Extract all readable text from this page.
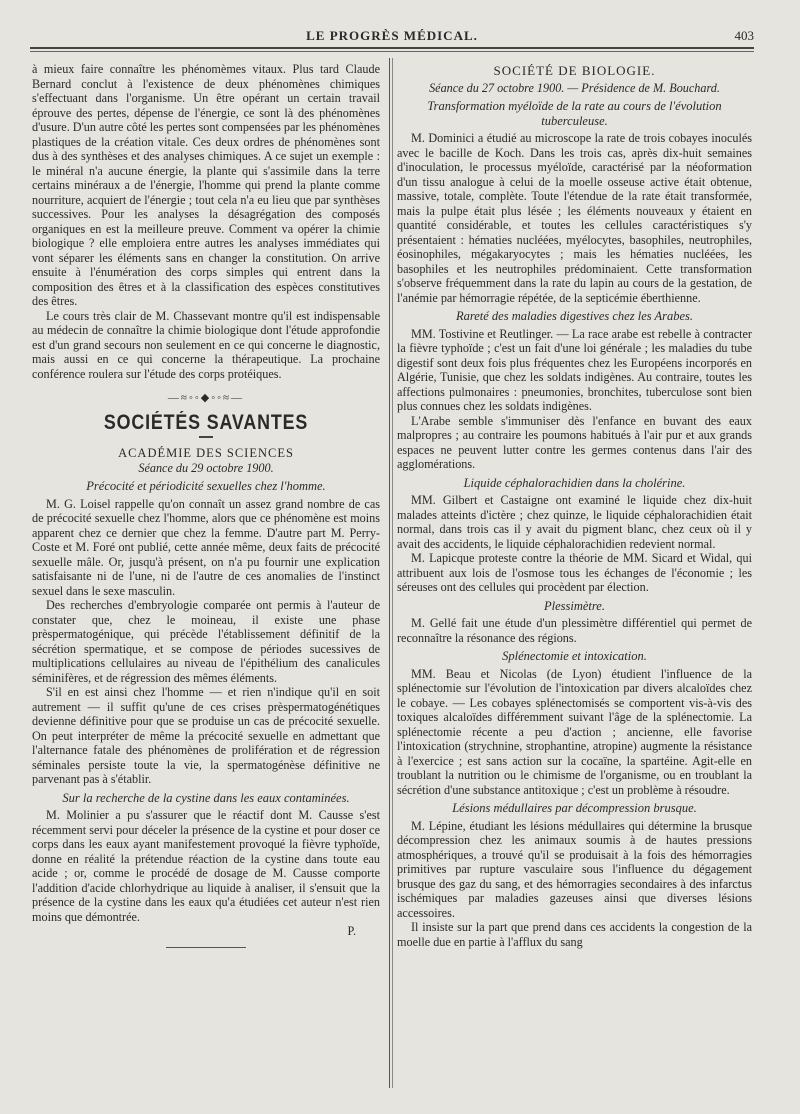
LE PROGRÈS MÉDICAL.	403

à mieux faire connaître les phénomèmes vitaux. Plus tard Claude Bernard conclut à l'existence de deux phénomènes chimiques s'effectuant dans l'organisme. Un être opérant un certain travail éprouve des pertes, dépense de l'énergie, ce sont là des phénomènes d'usure. D'un autre côté les pertes sont compensées par les phénomènes plastiques de la création vitale. Ces deux ordres de phénomènes sont dus à des synthèses et des analyses chimiques. A ce sujet un exemple : le minéral n'a aucune énergie, la plante qui s'assimile dans la terre certains minéraux a de l'énergie, l'homme qui prend la plante comme nourriture, acquiert de l'énergie ; tout cela n'a eu lieu que par synthèses successives. Pour les analyses la désagrégation des composés organiques en est la meilleure preuve. Comment va opérer la chimie biologique ? elle emploiera entre autres les analyses immédiates qui vont séparer les éléments sans en changer la constitution. On arrive ensuite à l'énumération des corps simples qui entrent dans la composition des êtres et à la classification des espèces constitutives des êtres.

Le cours très clair de M. Chassevant montre qu'il est indispensable au médecin de connaître la chimie biologique dont l'étude approfondie est d'un grand secours non seulement en ce qui concerne le diagnostic, mais aussi en ce qui concerne la thérapeutique. La prochaine conférence roulera sur l'étude des corps protéiques.

—≈◦◦◆◦◦≈—
SOCIÉTÉS SAVANTES
ACADÉMIE DES SCIENCES
Séance du 29 octobre 1900.
Précocité et périodicité sexuelles chez l'homme.

M. G. Loisel rappelle qu'on connaît un assez grand nombre de cas de précocité sexuelle chez l'homme, alors que ce phénomène est moins apparent chez ce dernier que chez la femme. D'autre part M. Perry-Coste et M. Foré ont publié, cette année même, deux faits de précocité sexuelle mâle. Or, jusqu'à présent, on n'a pu fournir une explication satisfaisante ni de l'une, ni de l'autre de ces anomalies de l'instinct sexuel dans le sexe masculin.

Des recherches d'embryologie comparée ont permis à l'auteur de constater que, chez le moineau, il existe une phase prèspermatogénique, qui précède l'établissement définitif de la sécrétion spermatique, et se compose de périodes sucessives de multiplications cellulaires au niveau de l'épithélium des canalicules séminifères, et de régression des mêmes éléments.

S'il en est ainsi chez l'homme — et rien n'indique qu'il en soit autrement — il suffit qu'une de ces crises prèspermatogénétiques devienne définitive pour que se produise un cas de précocité sexuelle. On peut interpréter de même la précocité sexuelle en admettant que l'alternance fatale des phénomènes de prolifération et de régression séminales persiste toute la vie, la spermatogénèse définitive ne parvenant pas à s'établir.

Sur la recherche de la cystine dans les eaux contaminées.

M. Molinier a pu s'assurer que le réactif dont M. Causse s'est récemment servi pour déceler la présence de la cystine et pour doser ce corps dans les eaux ayant manifestement provoqué la fièvre typhoïde, donne en réalité la prétendue réaction de la cystine dans toute eau acide ; or, comme le procédé de dosage de M. Causse comporte l'addition d'acide chlorhydrique au liquide à analiser, il s'ensuit que la présence de la cystine dans les eaux qu'a étudiées cet auteur n'est rien moins que démontrée.

P.
SOCIÉTÉ DE BIOLOGIE.
Séance du 27 octobre 1900. — Présidence de M. Bouchard.
Transformation myéloïde de la rate au cours de l'évolution tuberculeuse.

M. Dominici a étudié au microscope la rate de trois cobayes inoculés avec le bacille de Koch. Dans les trois cas, après dix-huit semaines d'inoculation, le processus myéloïde, caractérisé par la néoformation d'un tissu analogue à celui de la moelle osseuse active était obtenue, massive, totale, complète. Toute l'étendue de la rate était transformée, mais la pulpe était plus lésée ; les éléments nouveaux y étaient en quantité considérable, et toutes les cellules caractéristiques s'y présentaient : hématies nucléées, myélocytes, basophiles, neutrophiles, éosinophiles, mégakaryocytes ; mais les hématies nucléées, les basophiles et les neutrophiles prédominaient. Cette transformation s'observe fréquemment dans la rate du lapin au cours de la gestation, de l'anémie par hémorragie répétée, de la septicémie éberthienne.

Rareté des maladies digestives chez les Arabes.

MM. Tostivine et Reutlinger. — La race arabe est rebelle à contracter la fièvre typhoïde ; c'est un fait d'une loi générale ; les maladies du tube digestif sont deux fois plus fréquentes chez les Européens incorporés en Algérie, Tunisie, que chez les soldats indigènes. Au contraire, toutes les affections pulmonaires : pneumonies, bronchites, tuberculose sont bien plus connues chez les soldats indigènes.

L'Arabe semble s'immuniser dès l'enfance en buvant des eaux malpropres ; au contraire les poumons habitués à l'air pur et aux grands espaces ne peuvent lutter contre les germes contenus dans l'air des agglomérations.

Liquide céphalorachidien dans la cholérine.

MM. Gilbert et Castaigne ont examiné le liquide chez dix-huit malades atteints d'ictère ; chez quinze, le liquide céphalorachidien était normal, dans trois cas il y avait du pigment blanc, chez ceux où il y avait des accidents, le liquide céphalorachidien redevient normal.

M. Lapicque proteste contre la théorie de MM. Sicard et Widal, qui attribuent aux lois de l'osmose tous les échanges de l'économie ; les séreuses ont des cellules qui procèdent par élection.

Plessimètre.

M. Gellé fait une étude d'un plessimètre différentiel qui permet de reconnaître la résonance des régions.

Splénectomie et intoxication.

MM. Beau et Nicolas (de Lyon) étudient l'influence de la splénectomie sur l'évolution de l'intoxication par divers alcaloïdes chez le cobaye. — Les cobayes splénectomisés se comportent vis-à-vis des toxiques alcaloïdes différemment suivant l'âge de la splénectomie. La splénectomie récente a peu d'action ; ancienne, elle favorise l'intoxication (strychnine, strophantine, atropine) augmente la résistance à l'exercice ; est sans action sur la cocaïne, la spartéine. Agit-elle en troublant la nutrition ou le chimisme de l'organisme, ou en troublant la sécrétion d'une substance antitoxique ; c'est un problème à résoudre.

Lésions médullaires par décompression brusque.

M. Lépine, étudiant les lésions médullaires qui détermine la brusque décompression chez les animaux soumis à de hautes pressions atmosphériques, a trouvé qu'il se produisait à la fois des hémorragies primitives par rupture vasculaire sous l'influence du dégagement brusque des gaz du sang, et des hémorragies secondaires à des infarctus ischémiques par maladies gazeuses ainsi que diverses lésions accessoires.

Il insiste sur la part que prend dans ces accidents la congestion de la moelle due en partie à l'afflux du sang
